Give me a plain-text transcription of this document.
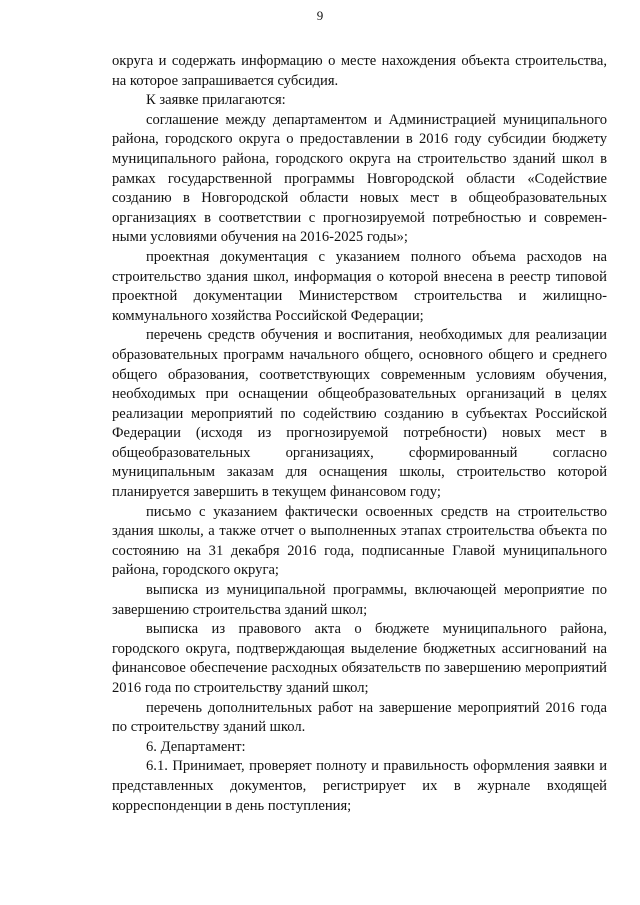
9

округа и содержать информацию о месте нахождения объекта строительства, на которое запрашивается субсидия.

К заявке прилагаются:

соглашение между департаментом и Администрацией муниципального района, городского округа о предоставлении в 2016 году субсидии бюджету муниципального района, городского округа на строительство зданий школ в рамках государственной программы Новгородской области «Содействие созданию в Новгородской области новых мест в общеобразовательных организациях в соответствии с прогнозируемой потребностью и современными условиями обучения на 2016-2025 годы»;

проектная документация с указанием полного объема расходов на строительство здания школ, информация о которой внесена в реестр типовой проектной документации Министерством строительства и жилищно-коммунального хозяйства Российской Федерации;

перечень средств обучения и воспитания, необходимых для реализации образовательных программ начального общего, основного общего и среднего общего образования, соответствующих современным условиям обучения, необходимых при оснащении общеобразовательных организаций в целях реализации мероприятий по содействию созданию в субъектах Российской Федерации (исходя из прогнозируемой потребности) новых мест в общеобразовательных организациях, сформированный согласно муниципальным заказам для оснащения школы, строительство которой планируется завершить в текущем финансовом году;

письмо с указанием фактически освоенных средств на строительство здания школы, а также отчет о выполненных этапах строительства объекта по состоянию на 31 декабря 2016 года, подписанные Главой муниципального района, городского округа;

выписка из муниципальной программы, включающей мероприятие по завершению строительства зданий школ;

выписка из правового акта о бюджете муниципального района, городского округа, подтверждающая выделение бюджетных ассигнований на финансовое обеспечение расходных обязательств по завершению мероприятий 2016 года по строительству зданий школ;

перечень дополнительных работ на завершение мероприятий 2016 года по строительству зданий школ.

6. Департамент:

6.1. Принимает, проверяет полноту и правильность оформления заявки и представленных документов, регистрирует их в журнале входящей корреспонденции в день поступления;
